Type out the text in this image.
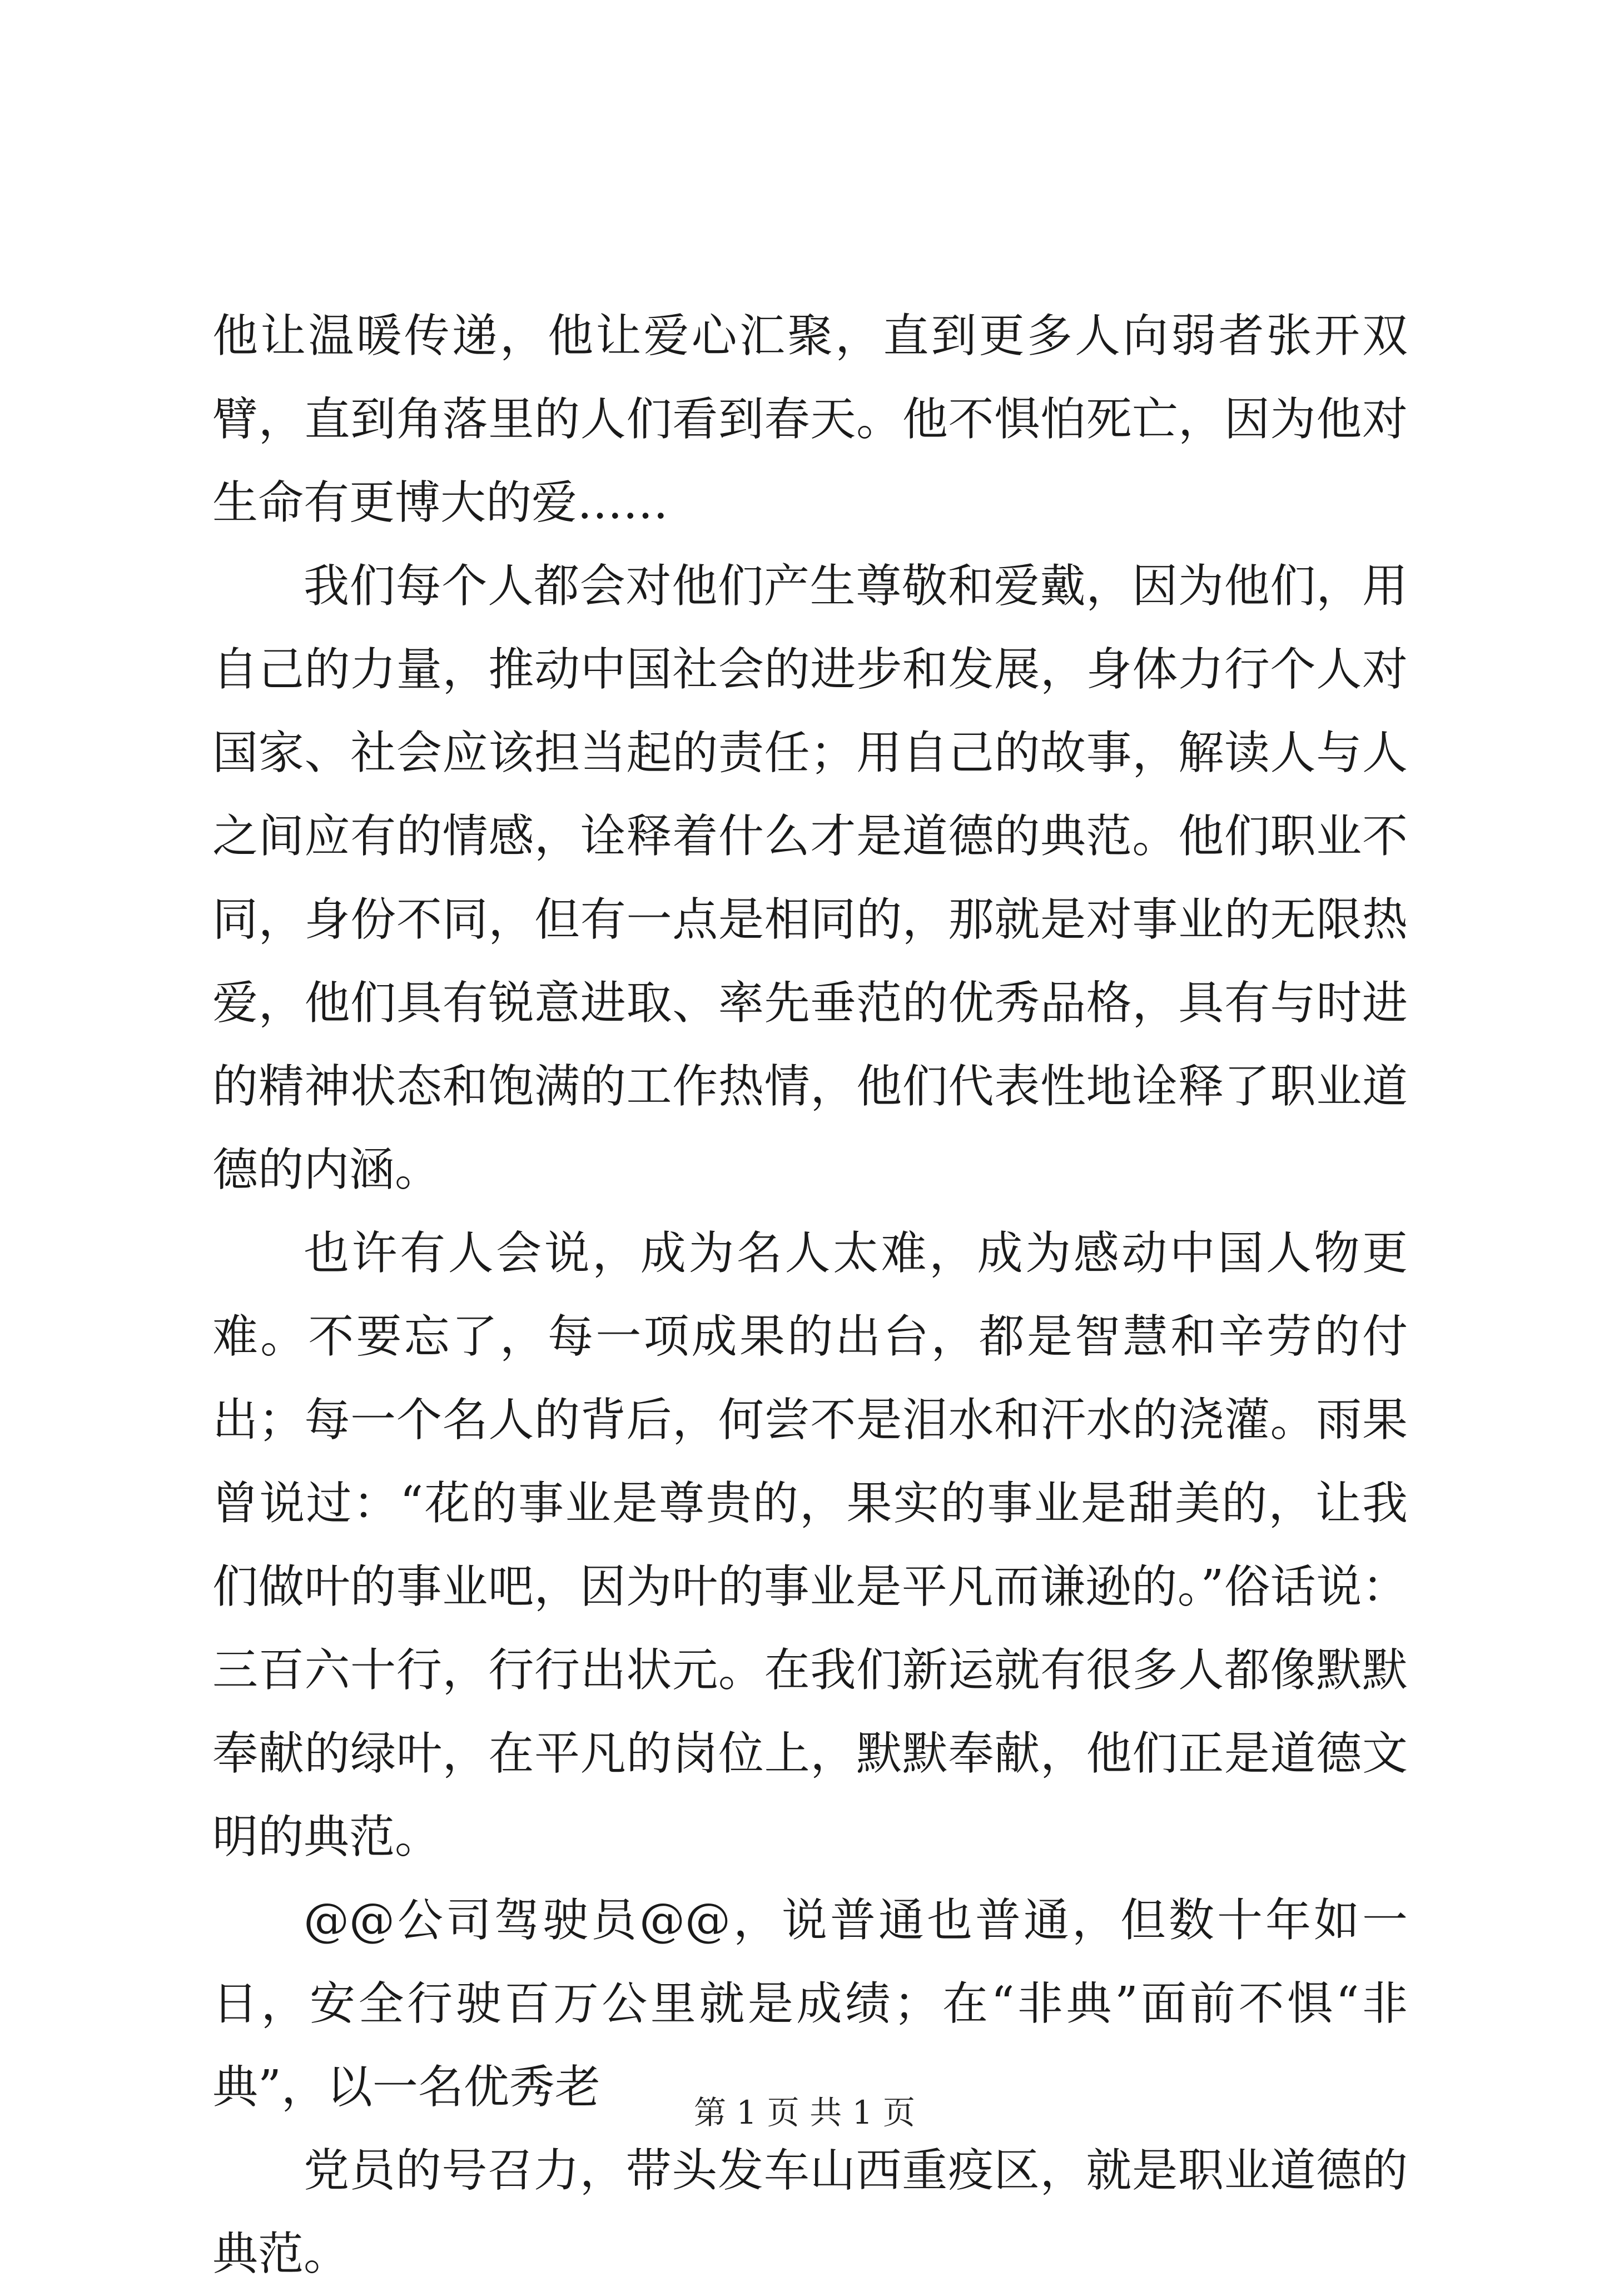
他让温暖传递，他让爱心汇聚，直到更多人向弱者张开双臂，直到角落里的人们看到春天。他不惧怕死亡，因为他对生命有更博大的爱……

我们每个人都会对他们产生尊敬和爱戴，因为他们，用自己的力量，推动中国社会的进步和发展，身体力行个人对国家、社会应该担当起的责任；用自己的故事，解读人与人之间应有的情感，诠释着什么才是道德的典范。他们职业不同，身份不同，但有一点是相同的，那就是对事业的无限热爱，他们具有锐意进取、率先垂范的优秀品格，具有与时进的精神状态和饱满的工作热情，他们代表性地诠释了职业道德的内涵。

也许有人会说，成为名人太难，成为感动中国人物更难。不要忘了，每一项成果的出台，都是智慧和辛劳的付出；每一个名人的背后，何尝不是泪水和汗水的浇灌。雨果曾说过：“花的事业是尊贵的，果实的事业是甜美的，让我们做叶的事业吧，因为叶的事业是平凡而谦逊的。”俗话说：三百六十行，行行出状元。在我们新运就有很多人都像默默奉献的绿叶，在平凡的岗位上，默默奉献，他们正是道德文明的典范。

@@公司驾驶员@@，说普通也普通，但数十年如一日，安全行驶百万公里就是成绩；在“非典”面前不惧“非典”，以一名优秀老

党员的号召力，带头发车山西重疫区，就是职业道德的典范。

第 1 页 共 1 页
